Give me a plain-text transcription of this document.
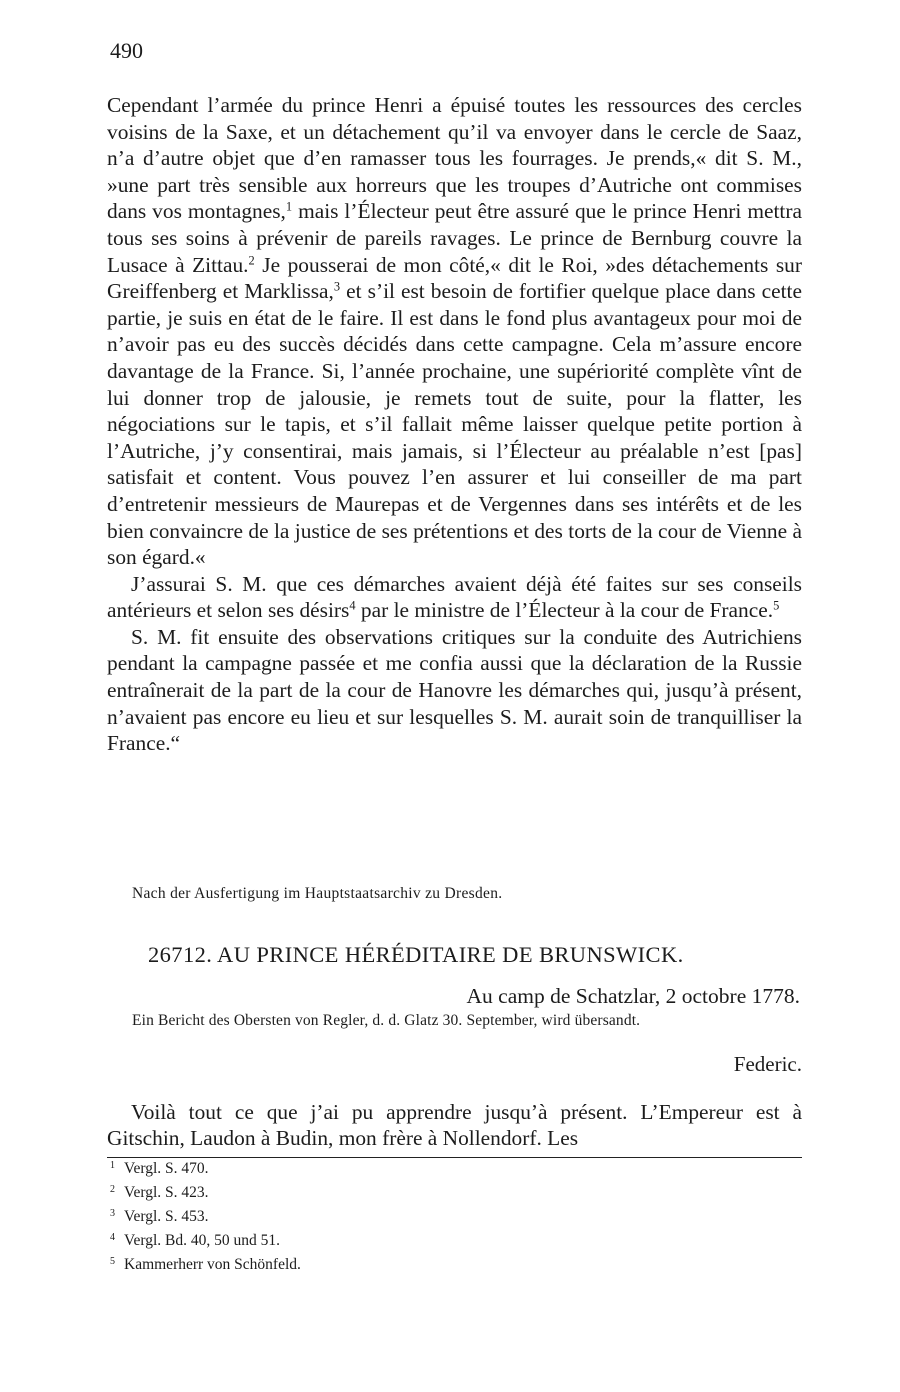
490

Cependant l’armée du prince Henri a épuisé toutes les ressources des cercles voisins de la Saxe, et un détachement qu’il va envoyer dans le cercle de Saaz, n’a d’autre objet que d’en ramasser tous les fourrages. Je prends,« dit S. M., »une part très sensible aux horreurs que les troupes d’Autriche ont commises dans vos montagnes,$^1$ mais l’Électeur peut être assuré que le prince Henri mettra tous ses soins à prévenir de pareils ravages. Le prince de Bernburg couvre la Lusace à Zittau.$^2$ Je pousserai de mon côté,« dit le Roi, »des détachements sur Greiffenberg et Marklissa,$^3$ et s’il est besoin de fortifier quelque place dans cette partie, je suis en état de le faire. Il est dans le fond plus avantageux pour moi de n’avoir pas eu des succès décidés dans cette campagne. Cela m’assure encore davantage de la France. Si, l’année prochaine, une supériorité complète vînt de lui donner trop de jalousie, je remets tout de suite, pour la flatter, les négociations sur le tapis, et s’il fallait même laisser quelque petite portion à l’Autriche, j’y consentirai, mais jamais, si l’Électeur au préalable n’est [pas] satisfait et content. Vous pouvez l’en assurer et lui conseiller de ma part d’entretenir messieurs de Maurepas et de Vergennes dans ses intérêts et de les bien convaincre de la justice de ses prétentions et des torts de la cour de Vienne à son égard.«

J’assurai S. M. que ces démarches avaient déjà été faites sur ses conseils antérieurs et selon ses désirs$^4$ par le ministre de l’Électeur à la cour de France.$^5$

S. M. fit ensuite des observations critiques sur la conduite des Autrichiens pendant la campagne passée et me confia aussi que la déclaration de la Russie entraînerait de la part de la cour de Hanovre les démarches qui, jusqu’à présent, n’avaient pas encore eu lieu et sur lesquelles S. M. aurait soin de tranquilliser la France.“

Nach der Ausfertigung im Hauptstaatsarchiv zu Dresden.
26712. AU PRINCE HÉRÉDITAIRE DE BRUNSWICK.
Au camp de Schatzlar, 2 octobre 1778.
Ein Bericht des Obersten von Regler, d. d. Glatz 30. September, wird übersandt.
Federic.

Voilà tout ce que j’ai pu apprendre jusqu’à présent. L’Empereur est à Gitschin, Laudon à Budin, mon frère à Nollendorf. Les

1 Vergl. S. 470.
2 Vergl. S. 423.
3 Vergl. S. 453.
4 Vergl. Bd. 40, 50 und 51.
5 Kammerherr von Schönfeld.
